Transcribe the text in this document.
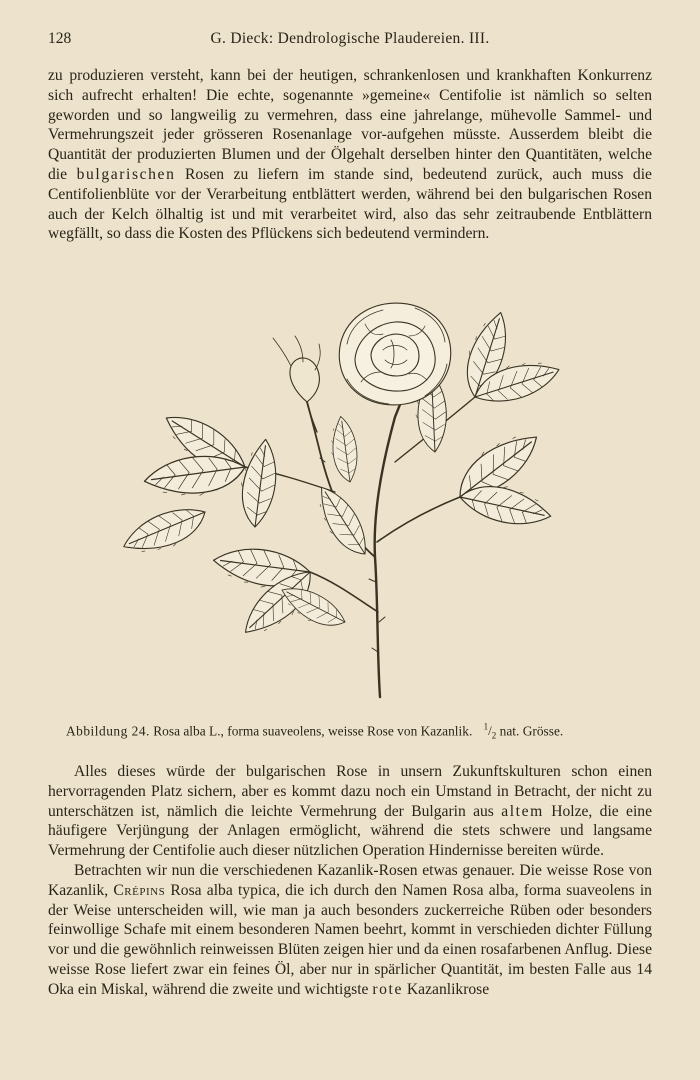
128	G. Dieck: Dendrologische Plaudereien. III.

zu produzieren versteht, kann bei der heutigen, schrankenlosen und krankhaften Konkurrenz sich aufrecht erhalten! Die echte, sogenannte »gemeine« Centifolie ist nämlich so selten geworden und so langweilig zu vermehren, dass eine jahrelange, mühevolle Sammel- und Vermehrungszeit jeder grösseren Rosenanlage vor-aufgehen müsste. Ausserdem bleibt die Quantität der produzierten Blumen und der Ölgehalt derselben hinter den Quantitäten, welche die bulgarischen Rosen zu liefern im stande sind, bedeutend zurück, auch muss die Centifolienblüte vor der Verarbeitung entblättert werden, während bei den bulgarischen Rosen auch der Kelch ölhaltig ist und mit verarbeitet wird, also das sehr zeitraubende Entblättern wegfällt, so dass die Kosten des Pflückens sich bedeutend vermindern.

Abbildung 24. Rosa alba L., forma suaveolens, weisse Rose von Kazanlik. $^1/_2$ nat. Grösse.

Alles dieses würde der bulgarischen Rose in unsern Zukunftskulturen schon einen hervorragenden Platz sichern, aber es kommt dazu noch ein Umstand in Betracht, der nicht zu unterschätzen ist, nämlich die leichte Vermehrung der Bulgarin aus altem Holze, die eine häufigere Verjüngung der Anlagen ermöglicht, während die stets schwere und langsame Vermehrung der Centifolie auch dieser nützlichen Operation Hindernisse bereiten würde.

Betrachten wir nun die verschiedenen Kazanlik-Rosen etwas genauer. Die weisse Rose von Kazanlik, Crépins Rosa alba typica, die ich durch den Namen Rosa alba, forma suaveolens in der Weise unterscheiden will, wie man ja auch besonders zuckerreiche Rüben oder besonders feinwollige Schafe mit einem besonderen Namen beehrt, kommt in verschieden dichter Füllung vor und die gewöhnlich reinweissen Blüten zeigen hier und da einen rosafarbenen Anflug. Diese weisse Rose liefert zwar ein feines Öl, aber nur in spärlicher Quantität, im besten Falle aus 14 Oka ein Miskal, während die zweite und wichtigste rote Kazanlikrose
